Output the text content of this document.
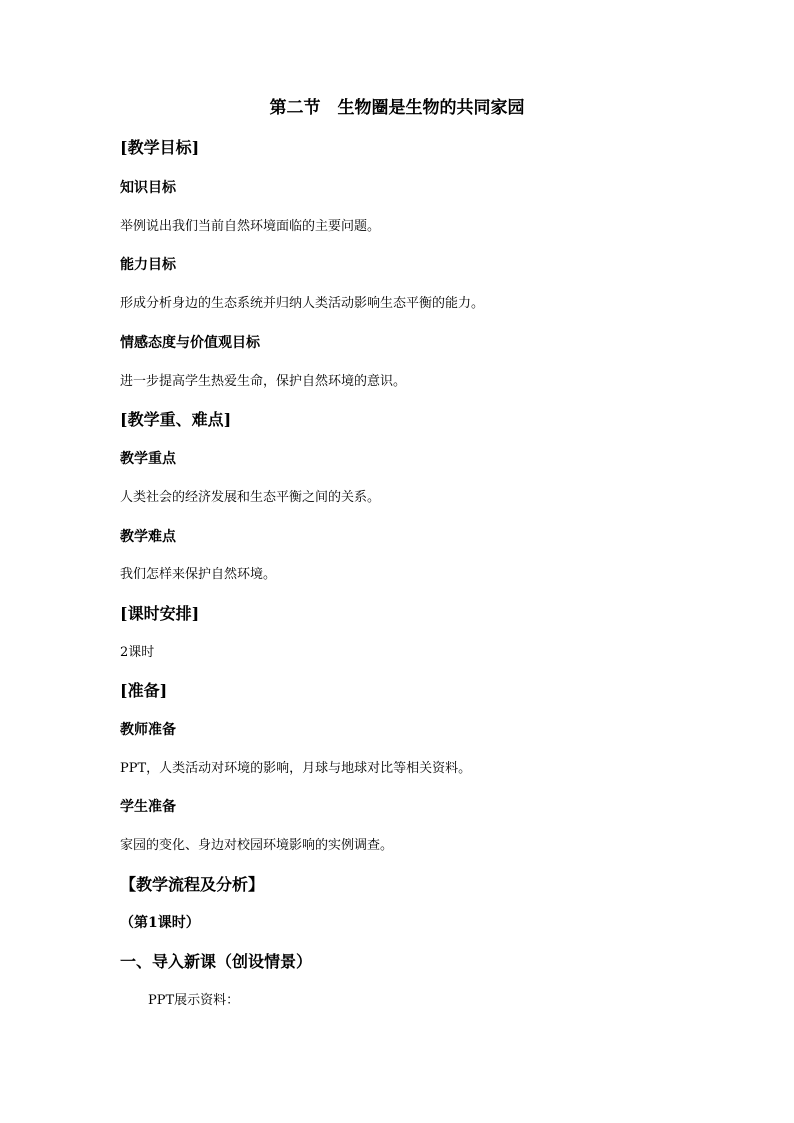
第二节　生物圈是生物的共同家园
[教学目标]
知识目标
举例说出我们当前自然环境面临的主要问题。
能力目标
形成分析身边的生态系统并归纳人类活动影响生态平衡的能力。
情感态度与价值观目标
进一步提高学生热爱生命，保护自然环境的意识。
[教学重、难点]
教学重点
人类社会的经济发展和生态平衡之间的关系。
教学难点
我们怎样来保护自然环境。
[课时安排]
2课时
[准备]
教师准备
PPT，人类活动对环境的影响，月球与地球对比等相关资料。
学生准备
家园的变化、身边对校园环境影响的实例调查。
【教学流程及分析】
（第1课时）
一、导入新课（创设情景）
PPT展示资料：
